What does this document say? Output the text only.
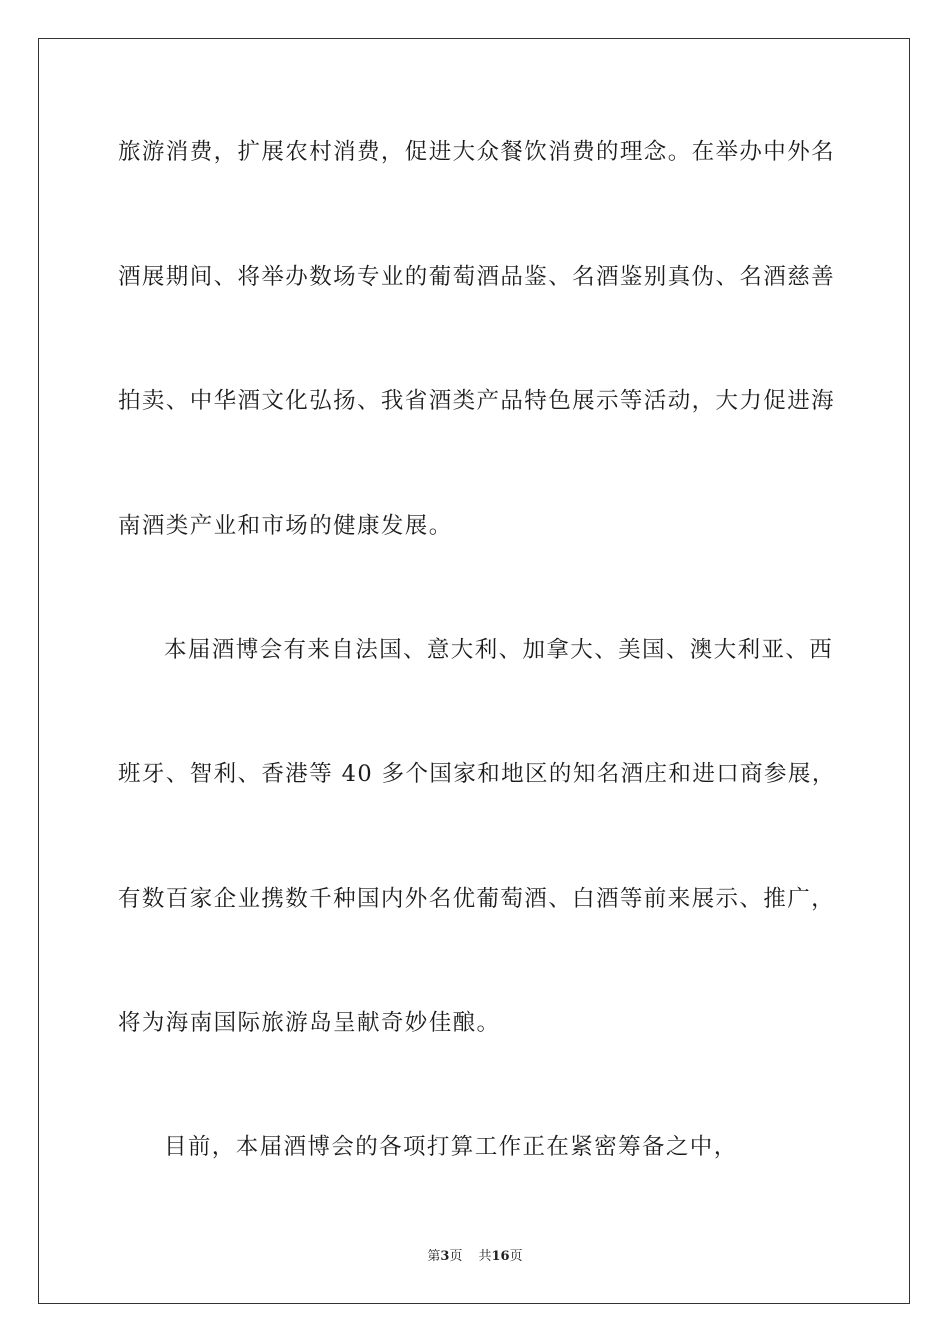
旅游消费，扩展农村消费，促进大众餐饮消费的理念。在举办中外名
酒展期间、将举办数场专业的葡萄酒品鉴、名酒鉴别真伪、名酒慈善
拍卖、中华酒文化弘扬、我省酒类产品特色展示等活动，大力促进海
南酒类产业和市场的健康发展。
本届酒博会有来自法国、意大利、加拿大、美国、澳大利亚、西
班牙、智利、香港等 40 多个国家和地区的知名酒庄和进口商参展，
有数百家企业携数千种国内外名优葡萄酒、白酒等前来展示、推广，
将为海南国际旅游岛呈献奇妙佳酿。
目前，本届酒博会的各项打算工作正在紧密筹备之中，
第3页 共16页
